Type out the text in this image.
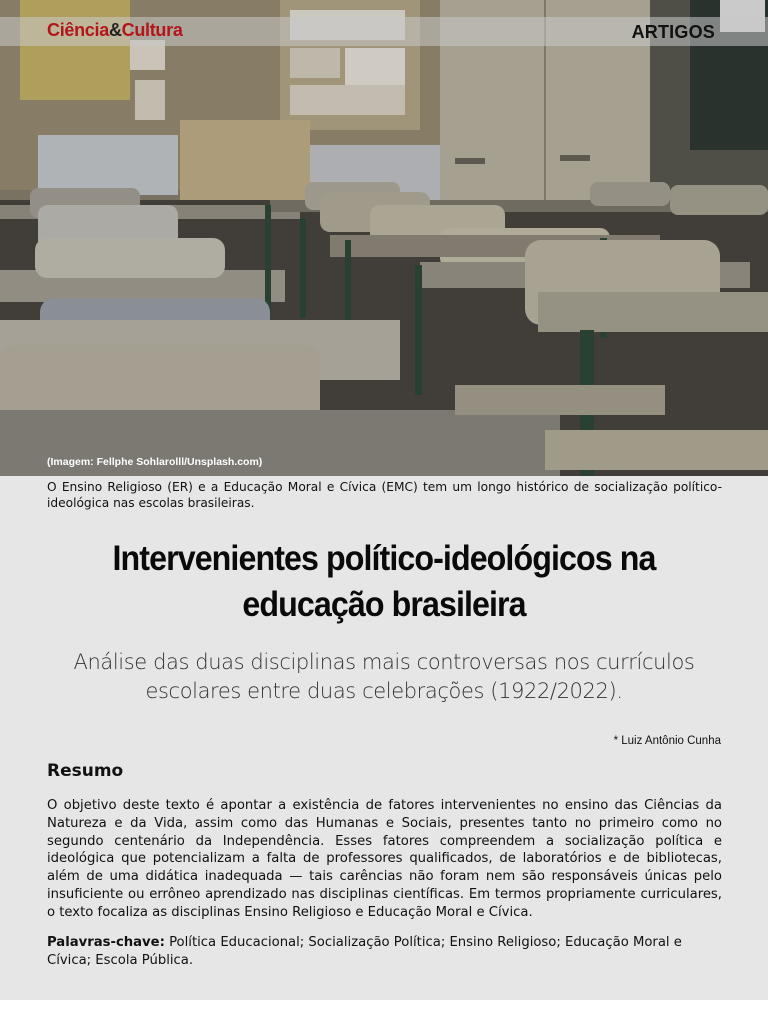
Ciência&Cultura	ARTIGOS
(Imagem: Fellphe Sohlarolll/Unsplash.com)

O Ensino Religioso (ER) e a Educação Moral e Cívica (EMC) tem um longo histórico de socialização político-ideológica nas escolas brasileiras.

Intervenientes político-ideológicos na educação brasileira

Análise das duas disciplinas mais controversas nos currículos escolares entre duas celebrações (1922/2022).

* Luiz Antônio Cunha
Resumo

O objetivo deste texto é apontar a existência de fatores intervenientes no ensino das Ciências da Natureza e da Vida, assim como das Humanas e Sociais, presentes tanto no primeiro como no segundo centenário da Independência. Esses fatores compreendem a socialização política e ideológica que potencializam a falta de professores qualificados, de laboratórios e de bibliotecas, além de uma didática inadequada — tais carências não foram nem são responsáveis únicas pelo insuficiente ou errôneo aprendizado nas disciplinas científicas. Em termos propriamente curriculares, o texto focaliza as disciplinas Ensino Religioso e Educação Moral e Cívica.

Palavras-chave: Política Educacional; Socialização Política; Ensino Religioso; Educação Moral e Cívica; Escola Pública.
